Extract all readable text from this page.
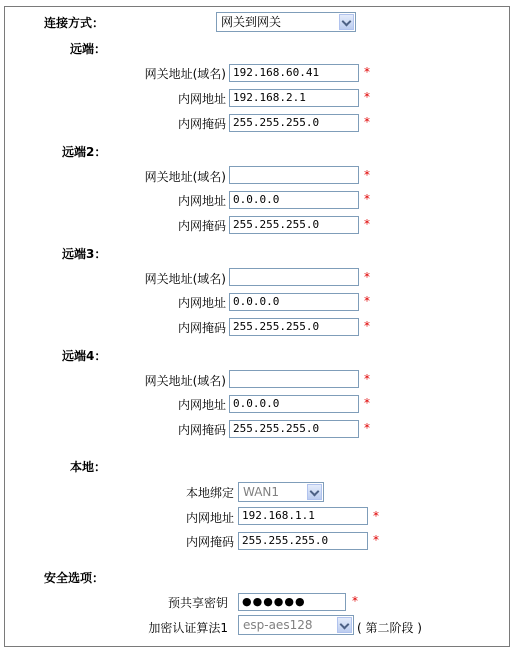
连接方式：	网关到网关
远端：
网关地址(域名) 192.168.60.41	*
内网地址 192.168.2.1	*
内网掩码 255.255.255.0	*
远端2：
网关地址(域名)	*
内网地址 0.0.0.0	*
内网掩码 255.255.255.0	*
远端3：
网关地址(域名)	*
内网地址 0.0.0.0	*
内网掩码 255.255.255.0	*
远端4：
网关地址(域名)	*
内网地址 0.0.0.0	*
内网掩码 255.255.255.0	*
本地：
本地绑定 WAN1
内网地址 192.168.1.1	*
内网掩码 255.255.255.0	*
安全选项：
预共享密钥	●●●●●●	*
加密认证算法1	esp-aes128	( 第二阶段 )
